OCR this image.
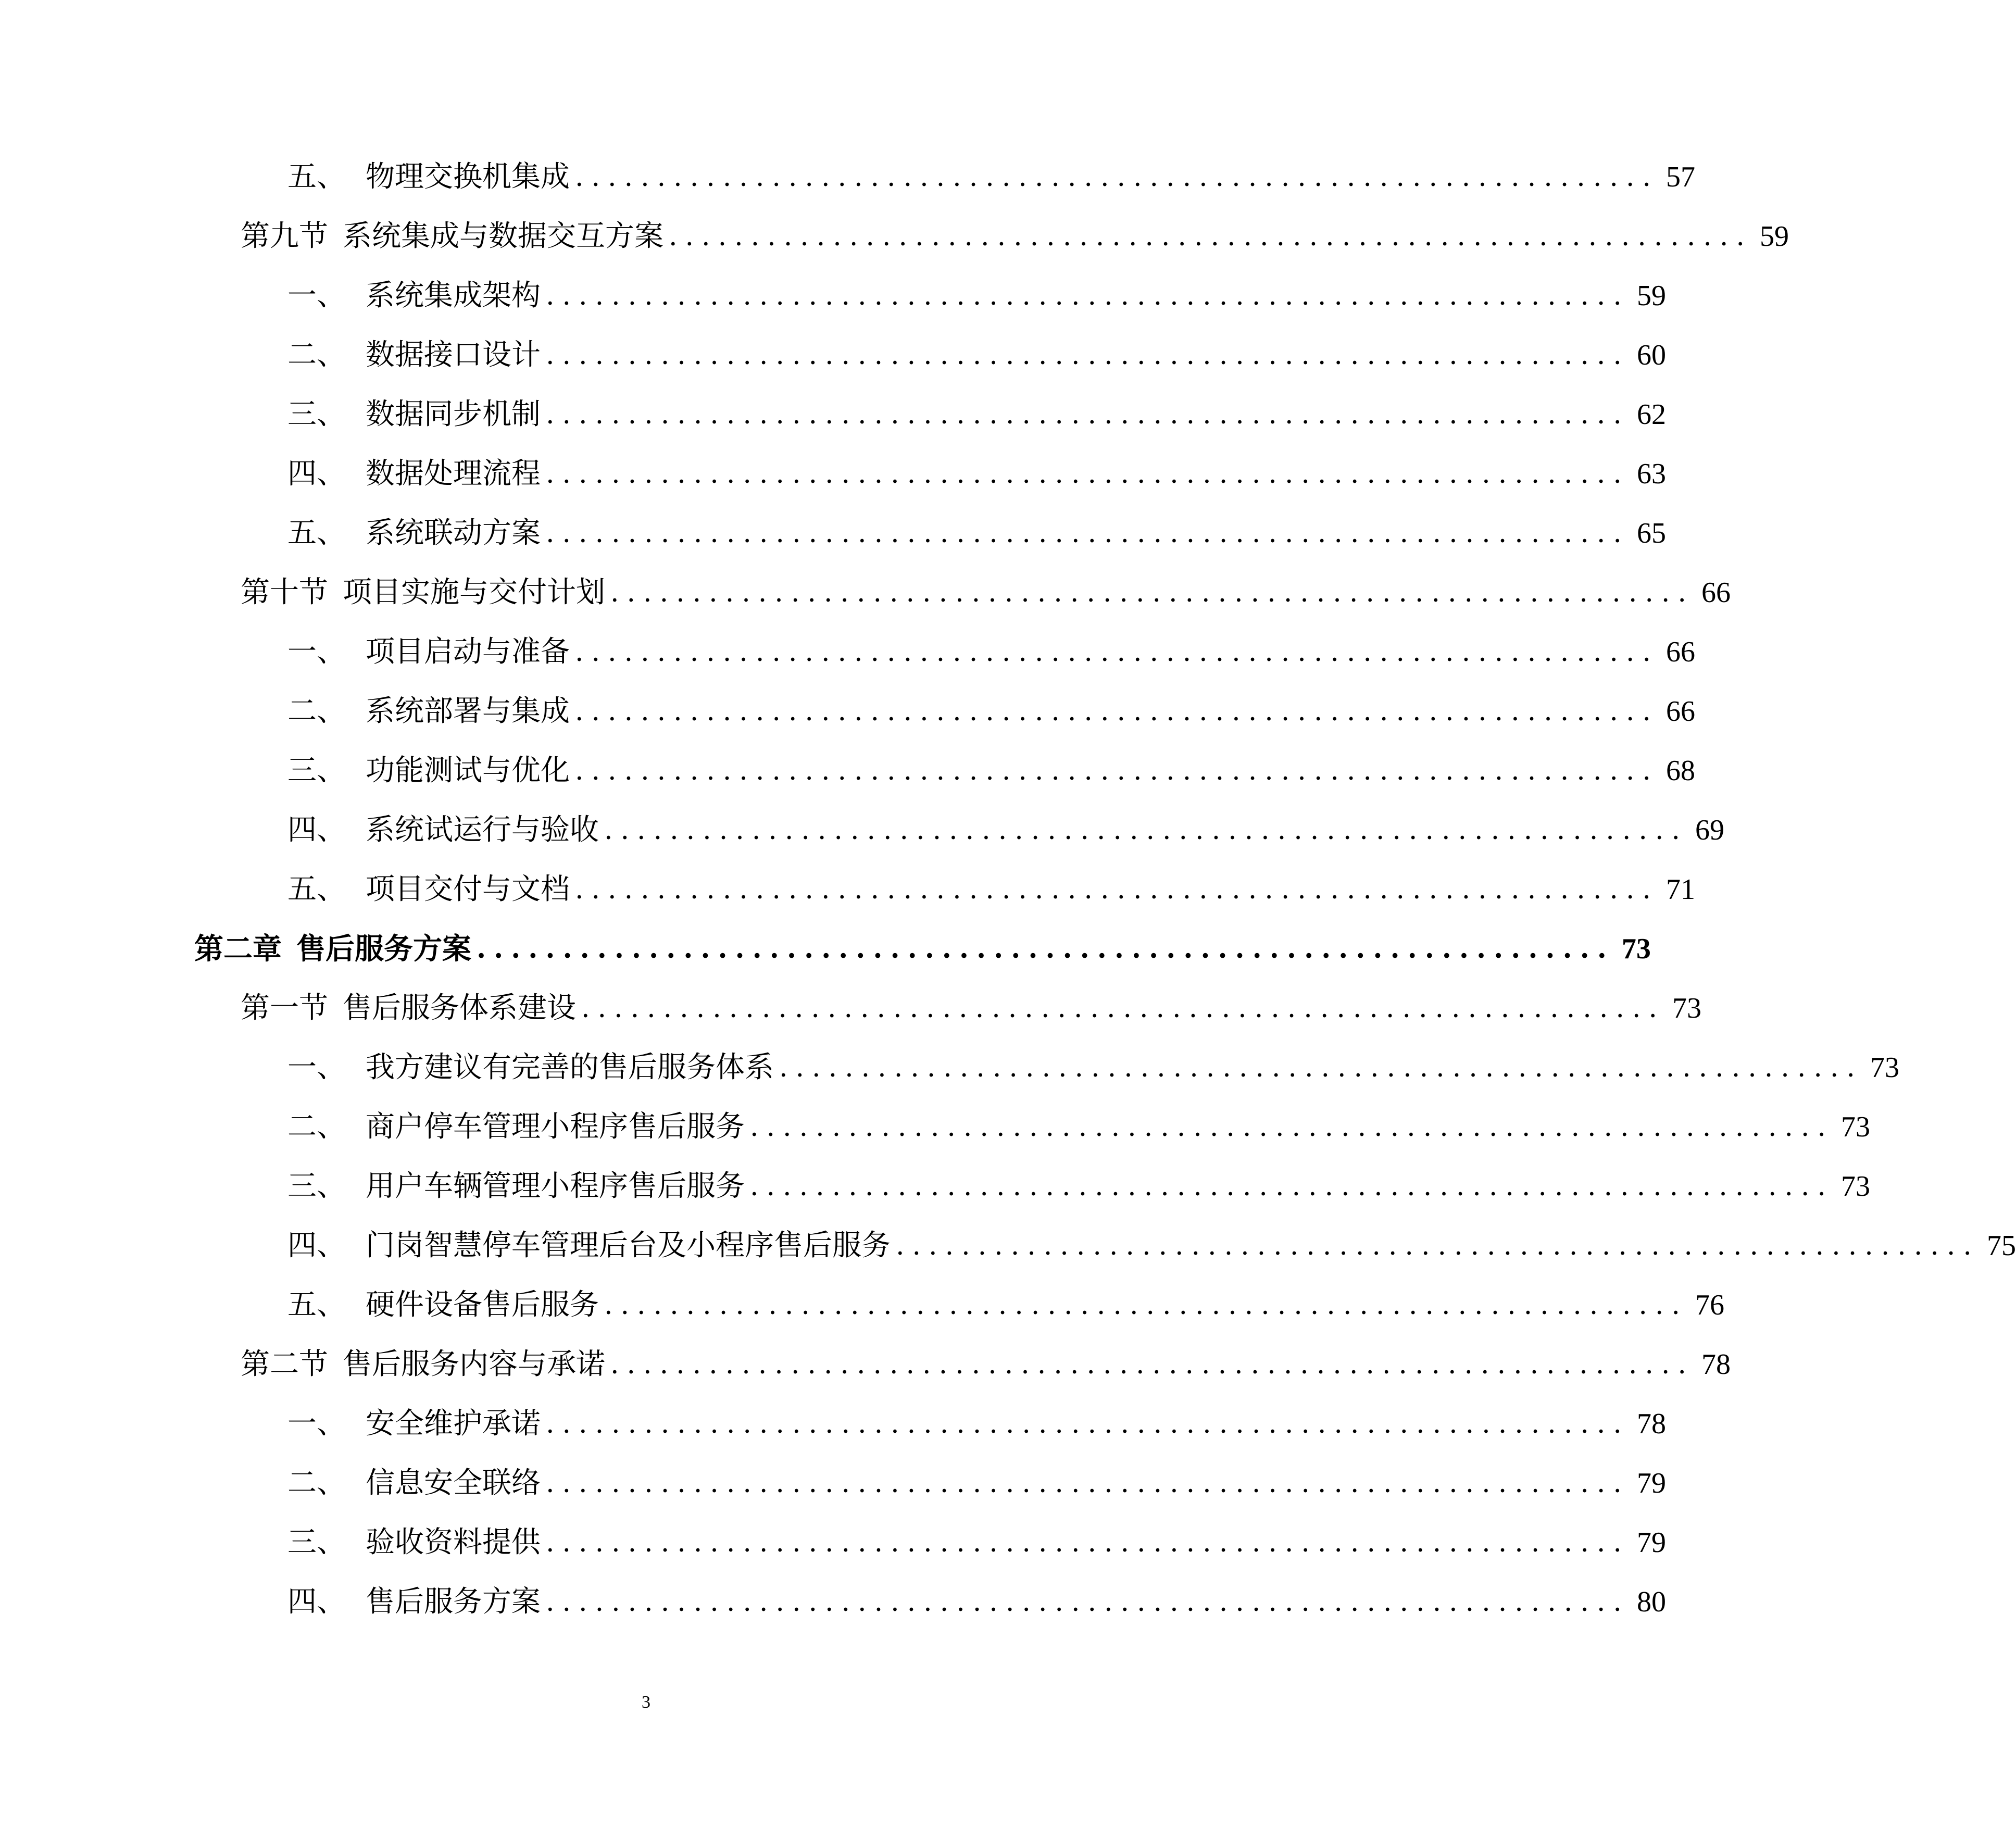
五、 物理交换机集成 .................................................................. 57
第九节 系统集成与数据交互方案 .................................................................. 59
一、 系统集成架构 .................................................................. 59
二、 数据接口设计 .................................................................. 60
三、 数据同步机制 .................................................................. 62
四、 数据处理流程 .................................................................. 63
五、 系统联动方案 .................................................................. 65
第十节 项目实施与交付计划 .................................................................. 66
一、 项目启动与准备 .................................................................. 66
二、 系统部署与集成 .................................................................. 66
三、 功能测试与优化 .................................................................. 68
四、 系统试运行与验收 .................................................................. 69
五、 项目交付与文档 .................................................................. 71
第二章 售后服务方案 .................................................................. 73
第一节 售后服务体系建设 .................................................................. 73
一、 我方建议有完善的售后服务体系 .................................................................. 73
二、 商户停车管理小程序售后服务 .................................................................. 73
三、 用户车辆管理小程序售后服务 .................................................................. 73
四、 门岗智慧停车管理后台及小程序售后服务 .................................................................. 75
五、 硬件设备售后服务 .................................................................. 76
第二节 售后服务内容与承诺 .................................................................. 78
一、 安全维护承诺 .................................................................. 78
二、 信息安全联络 .................................................................. 79
三、 验收资料提供 .................................................................. 79
四、 售后服务方案 .................................................................. 80
3
